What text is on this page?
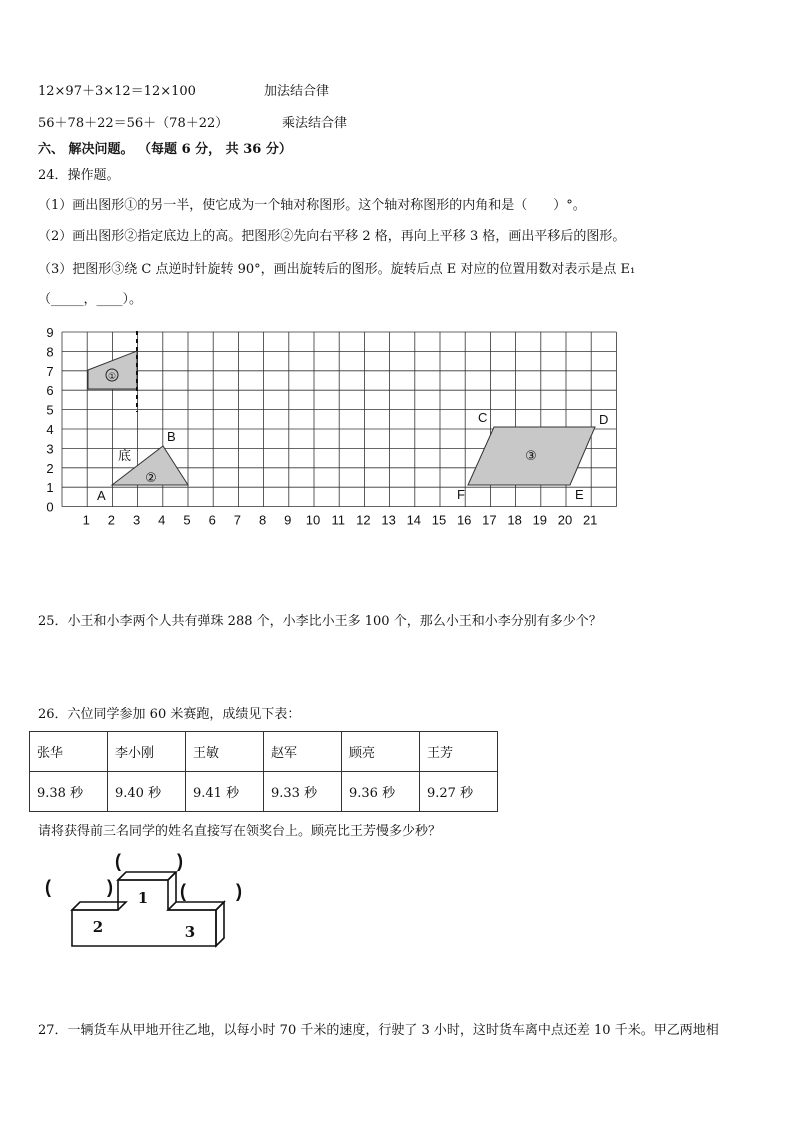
12×97＋3×12＝12×100	加法结合律
56＋78＋22＝56＋（78＋22）	乘法结合律
六、 解决问题。 （每题 6 分， 共 36 分）
24．操作题。
（1）画出图形①的另一半，使它成为一个轴对称图形。这个轴对称图形的内角和是（　　）°。
（2）画出图形②指定底边上的高。把图形②先向右平移 2 格，再向上平移 3 格，画出平移后的图形。
（3）把图形③绕 C 点逆时针旋转 90°，画出旋转后的图形。旋转后点 E 对应的位置用数对表示是点 E₁
（_____，____）。
1 2 3 4 5 6 7 8 9 10 11 12 13 14 15 16 17 18 19 20 21
0
1
2
3
4
5
6
7
8
9
①
②
底
A
B
③
C	D
E
F
25．小王和小李两个人共有弹珠 288 个，小李比小王多 100 个，那么小王和小李分别有多少个？
26．六位同学参加 60 米赛跑，成绩见下表：
张华	李小刚	王敏	赵军	顾亮	王芳
9.38 秒	9.40 秒	9.41 秒	9.33 秒	9.36 秒	9.27 秒
请将获得前三名同学的姓名直接写在领奖台上。顾亮比王芳慢多少秒？
1
2	3
(	)
(	)	(	)
27．一辆货车从甲地开往乙地，以每小时 70 千米的速度，行驶了 3 小时，这时货车离中点还差 10 千米。甲乙两地相
